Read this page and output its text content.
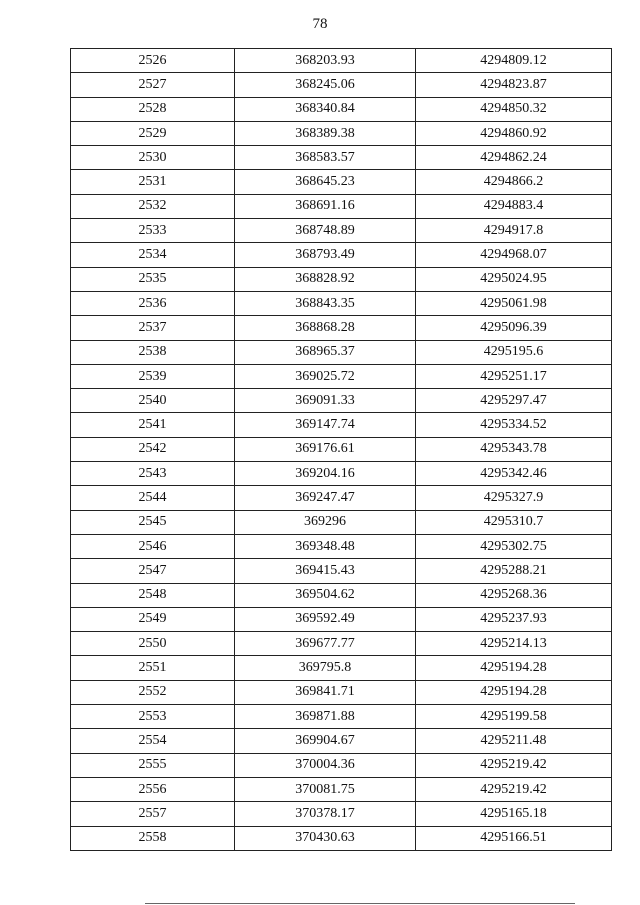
78
2526	368203.93	4294809.12
2527	368245.06	4294823.87
2528	368340.84	4294850.32
2529	368389.38	4294860.92
2530	368583.57	4294862.24
2531	368645.23	4294866.2
2532	368691.16	4294883.4
2533	368748.89	4294917.8
2534	368793.49	4294968.07
2535	368828.92	4295024.95
2536	368843.35	4295061.98
2537	368868.28	4295096.39
2538	368965.37	4295195.6
2539	369025.72	4295251.17
2540	369091.33	4295297.47
2541	369147.74	4295334.52
2542	369176.61	4295343.78
2543	369204.16	4295342.46
2544	369247.47	4295327.9
2545	369296	4295310.7
2546	369348.48	4295302.75
2547	369415.43	4295288.21
2548	369504.62	4295268.36
2549	369592.49	4295237.93
2550	369677.77	4295214.13
2551	369795.8	4295194.28
2552	369841.71	4295194.28
2553	369871.88	4295199.58
2554	369904.67	4295211.48
2555	370004.36	4295219.42
2556	370081.75	4295219.42
2557	370378.17	4295165.18
2558	370430.63	4295166.51
